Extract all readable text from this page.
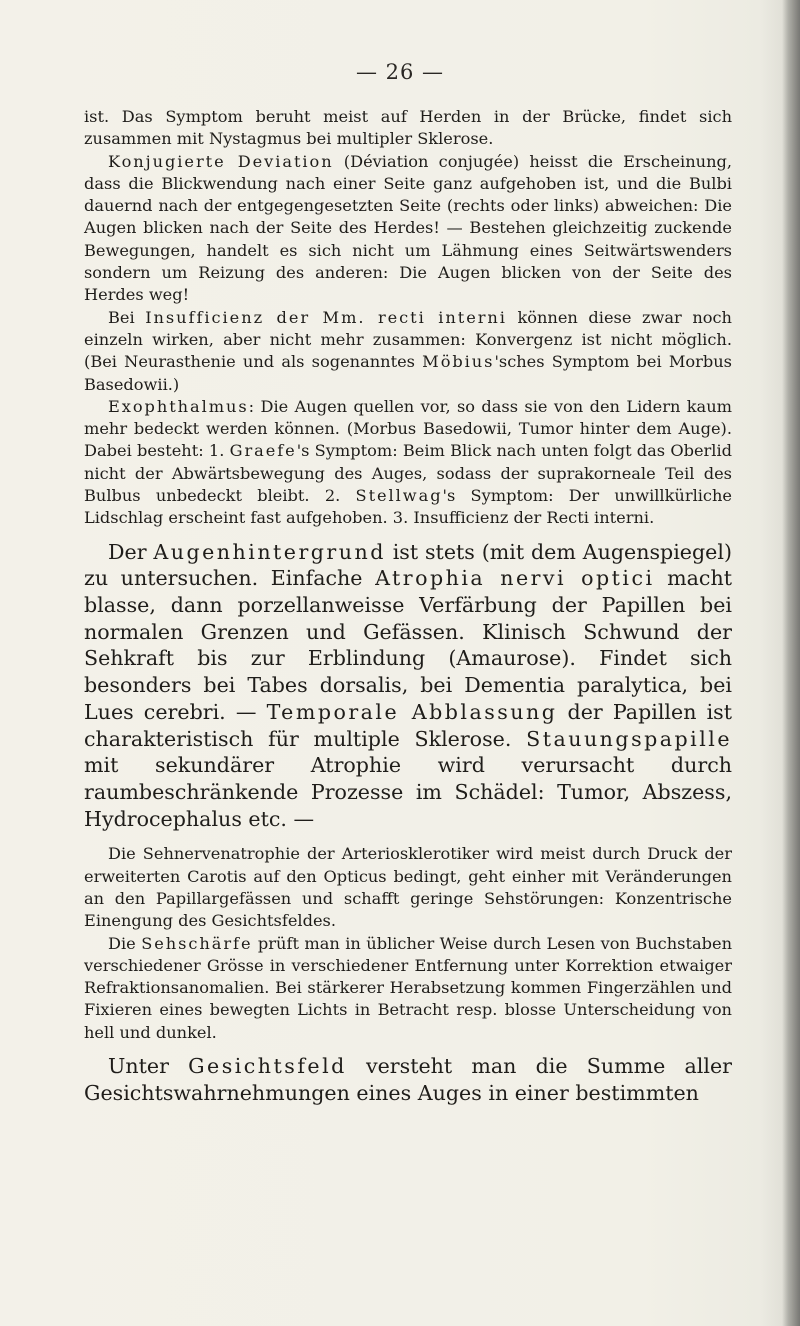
— 26 —

ist. Das Symptom beruht meist auf Herden in der Brücke, findet sich zusammen mit Nystagmus bei multipler Sklerose.

Konjugierte Deviation (Déviation conjugée) heisst die Erscheinung, dass die Blickwendung nach einer Seite ganz aufgehoben ist, und die Bulbi dauernd nach der entgegengesetzten Seite (rechts oder links) abweichen: Die Augen blicken nach der Seite des Herdes! — Bestehen gleichzeitig zuckende Bewegungen, handelt es sich nicht um Lähmung eines Seitwärtswenders sondern um Reizung des anderen: Die Augen blicken von der Seite des Herdes weg!

Bei Insufficienz der Mm. recti interni können diese zwar noch einzeln wirken, aber nicht mehr zusammen: Konvergenz ist nicht möglich. (Bei Neurasthenie und als sogenanntes Möbius'sches Symptom bei Morbus Basedowii.)

Exophthalmus: Die Augen quellen vor, so dass sie von den Lidern kaum mehr bedeckt werden können. (Morbus Basedowii, Tumor hinter dem Auge). Dabei besteht: 1. Graefe's Symptom: Beim Blick nach unten folgt das Oberlid nicht der Abwärtsbewegung des Auges, sodass der suprakorneale Teil des Bulbus unbedeckt bleibt. 2. Stellwag's Symptom: Der unwillkürliche Lidschlag erscheint fast aufgehoben. 3. Insufficienz der Recti interni.

Der Augenhintergrund ist stets (mit dem Augenspiegel) zu untersuchen. Einfache Atrophia nervi optici macht blasse, dann porzellanweisse Verfärbung der Papillen bei normalen Grenzen und Gefässen. Klinisch Schwund der Sehkraft bis zur Erblindung (Amaurose). Findet sich besonders bei Tabes dorsalis, bei Dementia paralytica, bei Lues cerebri. — Temporale Abblassung der Papillen ist charakteristisch für multiple Sklerose. Stauungspapille mit sekundärer Atrophie wird verursacht durch raumbeschränkende Prozesse im Schädel: Tumor, Abszess, Hydrocephalus etc. —

Die Sehnervenatrophie der Arteriosklerotiker wird meist durch Druck der erweiterten Carotis auf den Opticus bedingt, geht einher mit Veränderungen an den Papillargefässen und schafft geringe Sehstörungen: Konzentrische Einengung des Gesichtsfeldes.

Die Sehschärfe prüft man in üblicher Weise durch Lesen von Buchstaben verschiedener Grösse in verschiedener Entfernung unter Korrektion etwaiger Refraktionsanomalien. Bei stärkerer Herabsetzung kommen Fingerzählen und Fixieren eines bewegten Lichts in Betracht resp. blosse Unterscheidung von hell und dunkel.

Unter Gesichtsfeld versteht man die Summe aller Gesichtswahrnehmungen eines Auges in einer bestimmten
